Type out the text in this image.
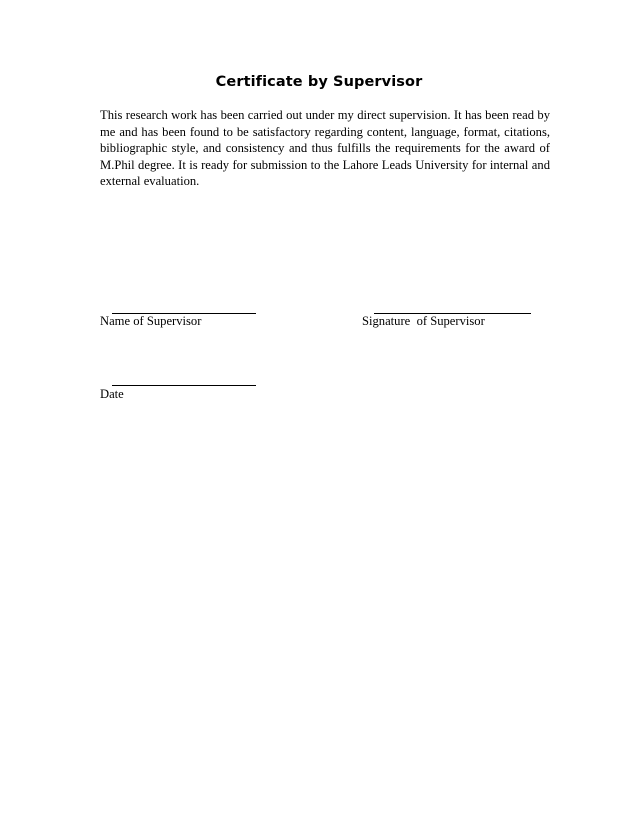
Certificate by Supervisor
This research work has been carried out under my direct supervision. It has been read by me and has been found to be satisfactory regarding content, language, format, citations, bibliographic style, and consistency and thus fulfills the requirements for the award of M.Phil degree. It is ready for submission to the Lahore Leads University for internal and external evaluation.
Name of Supervisor	Signature  of Supervisor
Date
